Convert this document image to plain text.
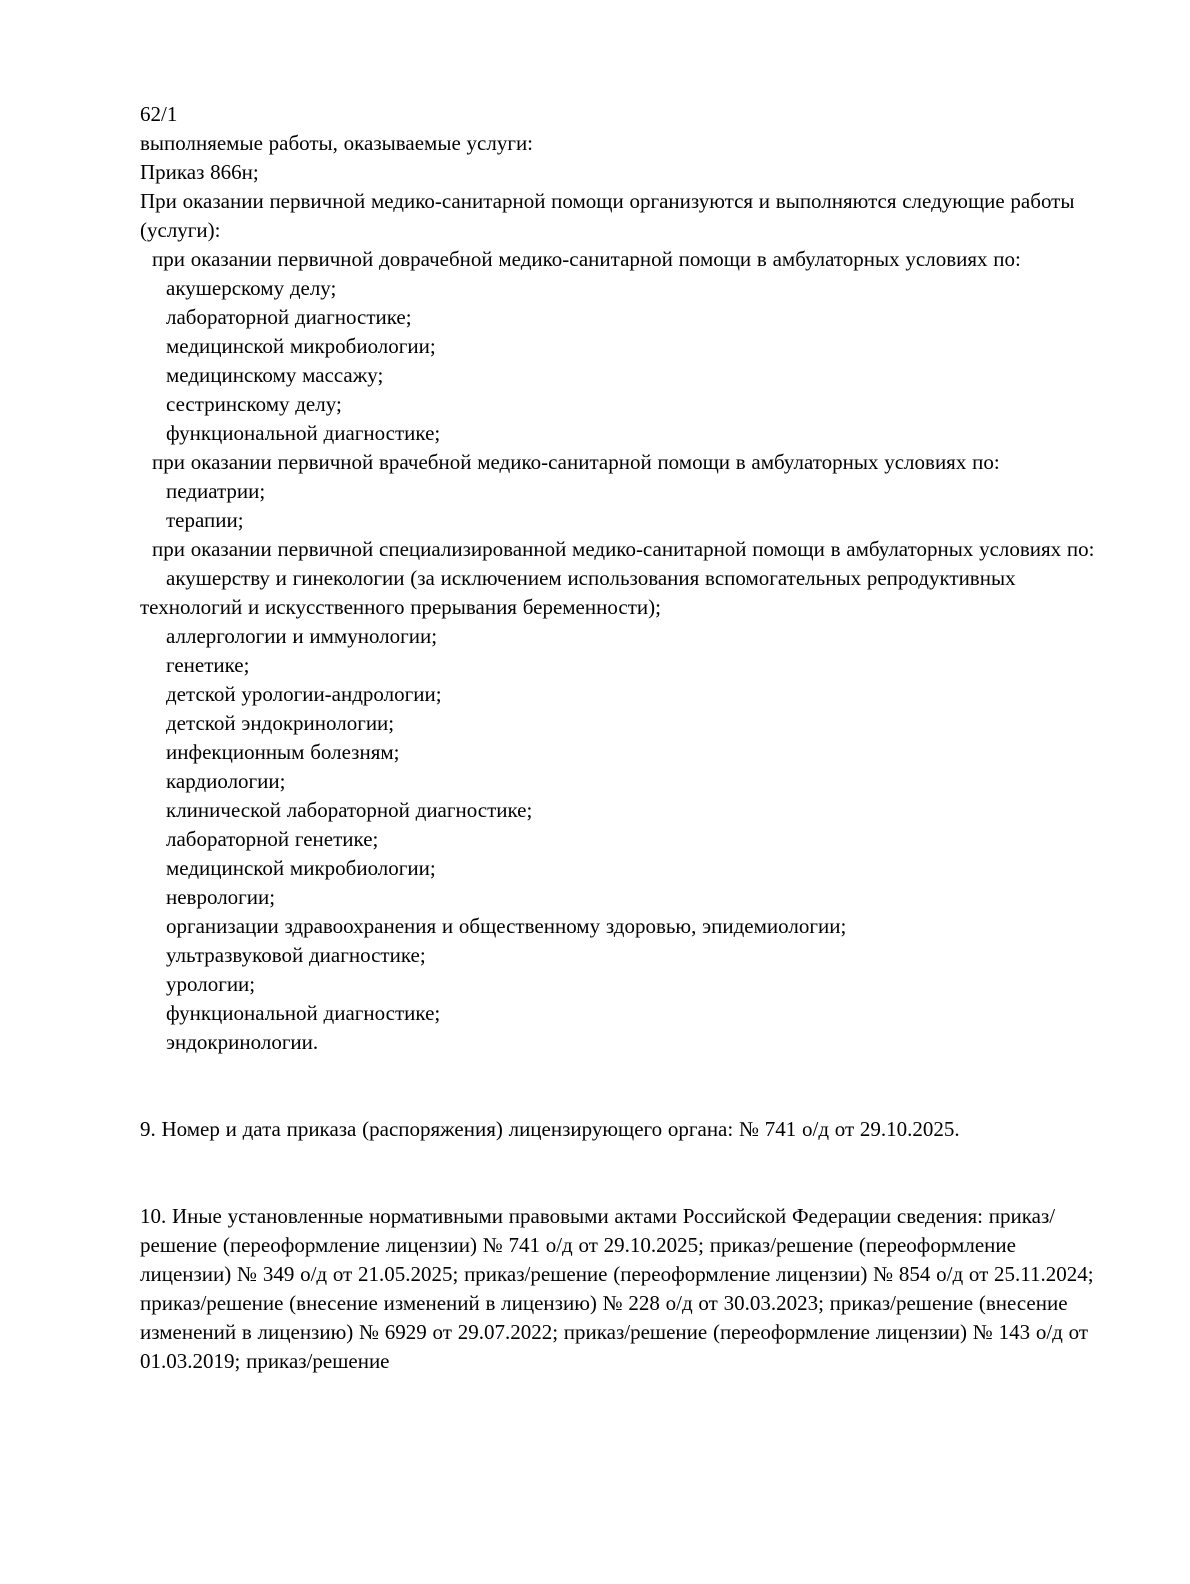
62/1

выполняемые работы, оказываемые услуги:

Приказ 866н;

При оказании первичной медико-санитарной помощи организуются и выполняются следующие работы (услуги):

при оказании первичной доврачебной медико-санитарной помощи в амбулаторных условиях по:

акушерскому делу;

лабораторной диагностике;

медицинской микробиологии;

медицинскому массажу;

сестринскому делу;

функциональной диагностике;

при оказании первичной врачебной медико-санитарной помощи в амбулаторных условиях по:

педиатрии;

терапии;

при оказании первичной специализированной медико-санитарной помощи в амбулаторных условиях по:

акушерству и гинекологии (за исключением использования вспомогательных репродуктивных технологий и искусственного прерывания беременности);

аллергологии и иммунологии;

генетике;

детской урологии-андрологии;

детской эндокринологии;

инфекционным болезням;

кардиологии;

клинической лабораторной диагностике;

лабораторной генетике;

медицинской микробиологии;

неврологии;

организации здравоохранения и общественному здоровью, эпидемиологии;

ультразвуковой диагностике;

урологии;

функциональной диагностике;

эндокринологии.

9. Номер и дата приказа (распоряжения) лицензирующего органа: № 741 о/д от 29.10.2025.

10. Иные установленные нормативными правовыми актами Российской Федерации сведения: приказ/решение (переоформление лицензии) № 741 о/д от 29.10.2025; приказ/решение (переоформление лицензии) № 349 о/д от 21.05.2025; приказ/решение (переоформление лицензии) № 854 о/д от 25.11.2024; приказ/решение (внесение изменений в лицензию) № 228 о/д от 30.03.2023; приказ/решение (внесение изменений в лицензию) № 6929 от 29.07.2022; приказ/решение (переоформление лицензии) № 143 о/д от 01.03.2019; приказ/решение
